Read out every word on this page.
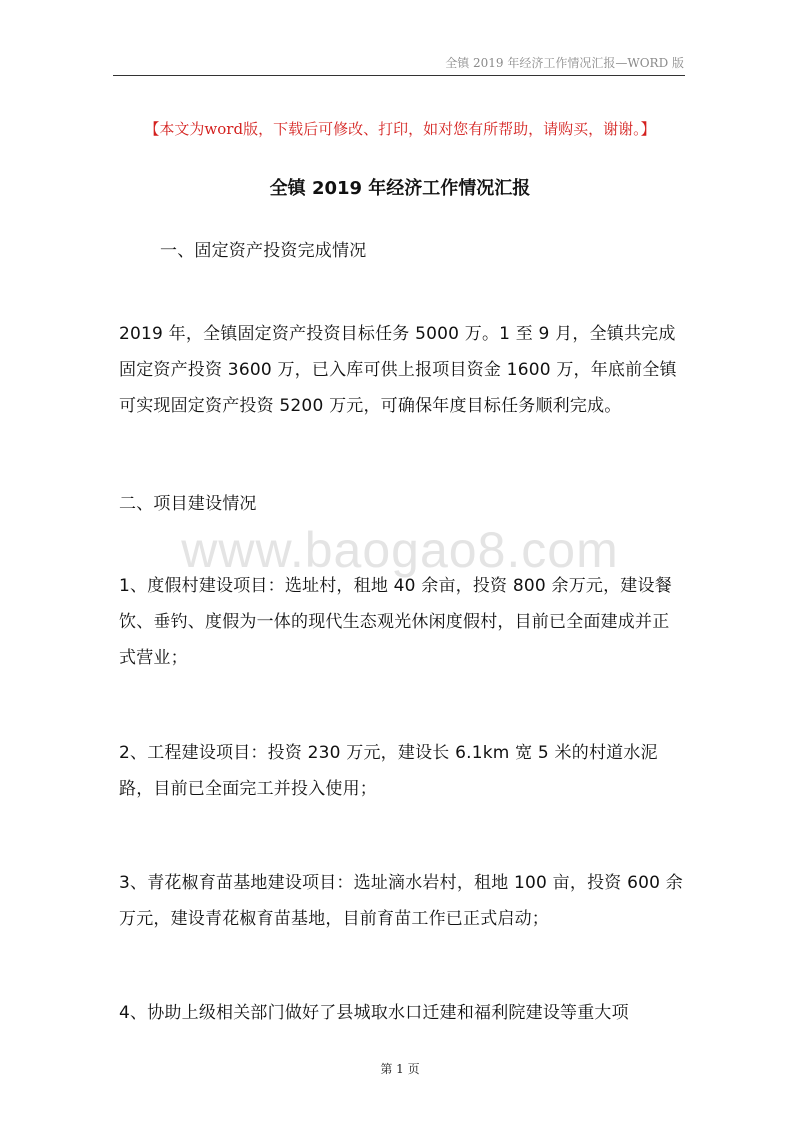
全镇 2019 年经济工作情况汇报—WORD 版
【本文为word版，下载后可修改、打印，如对您有所帮助，请购买，谢谢。】
全镇 2019 年经济工作情况汇报

一、固定资产投资完成情况

2019 年，全镇固定资产投资目标任务 5000 万。1 至 9 月，全镇共完成固定资产投资 3600 万，已入库可供上报项目资金 1600 万，年底前全镇可实现固定资产投资 5200 万元，可确保年度目标任务顺利完成。

二、项目建设情况

www.baogao8.com

1、度假村建设项目：选址村，租地 40 余亩，投资 800 余万元，建设餐饮、垂钓、度假为一体的现代生态观光休闲度假村，目前已全面建成并正式营业；

2、工程建设项目：投资 230 万元，建设长 6.1km 宽 5 米的村道水泥路，目前已全面完工并投入使用；

3、青花椒育苗基地建设项目：选址滴水岩村，租地 100 亩，投资 600 余万元，建设青花椒育苗基地，目前育苗工作已正式启动；

4、协助上级相关部门做好了县城取水口迁建和福利院建设等重大项

第 1 页
